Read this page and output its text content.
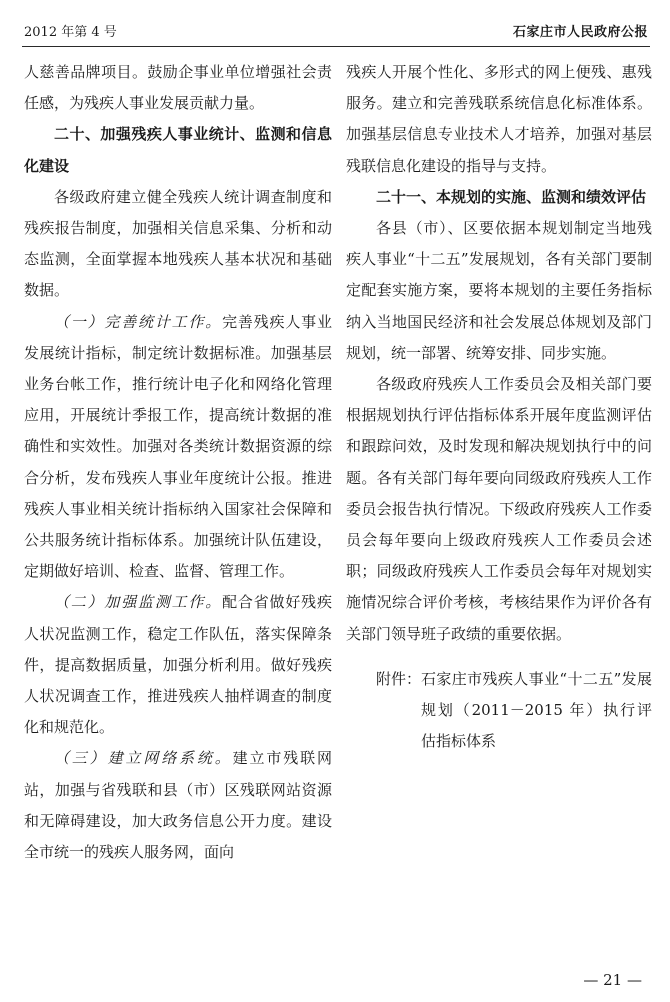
2012 年第 4 号	石家庄市人民政府公报

人慈善品牌项目。鼓励企事业单位增强社会责任感，为残疾人事业发展贡献力量。

二十、加强残疾人事业统计、监测和信息化建设

各级政府建立健全残疾人统计调查制度和残疾报告制度，加强相关信息采集、分析和动态监测，全面掌握本地残疾人基本状况和基础数据。

（一）完善统计工作。完善残疾人事业发展统计指标，制定统计数据标准。加强基层业务台帐工作，推行统计电子化和网络化管理应用，开展统计季报工作，提高统计数据的准确性和实效性。加强对各类统计数据资源的综合分析，发布残疾人事业年度统计公报。推进残疾人事业相关统计指标纳入国家社会保障和公共服务统计指标体系。加强统计队伍建设，定期做好培训、检查、监督、管理工作。

（二）加强监测工作。配合省做好残疾人状况监测工作，稳定工作队伍，落实保障条件，提高数据质量，加强分析利用。做好残疾人状况调查工作，推进残疾人抽样调查的制度化和规范化。

（三）建立网络系统。建立市残联网站，加强与省残联和县（市）区残联网站资源和无障碍建设，加大政务信息公开力度。建设全市统一的残疾人服务网，面向

残疾人开展个性化、多形式的网上便残、惠残服务。建立和完善残联系统信息化标准体系。加强基层信息专业技术人才培养，加强对基层残联信息化建设的指导与支持。

二十一、本规划的实施、监测和绩效评估

各县（市）、区要依据本规划制定当地残疾人事业“十二五”发展规划，各有关部门要制定配套实施方案，要将本规划的主要任务指标纳入当地国民经济和社会发展总体规划及部门规划，统一部署、统筹安排、同步实施。

各级政府残疾人工作委员会及相关部门要根据规划执行评估指标体系开展年度监测评估和跟踪问效，及时发现和解决规划执行中的问题。各有关部门每年要向同级政府残疾人工作委员会报告执行情况。下级政府残疾人工作委员会每年要向上级政府残疾人工作委员会述职；同级政府残疾人工作委员会每年对规划实施情况综合评价考核，考核结果作为评价各有关部门领导班子政绩的重要依据。

附件： 石家庄市残疾人事业“十二五”发展规划（2011－2015 年）执行评估指标体系
— 21 —
